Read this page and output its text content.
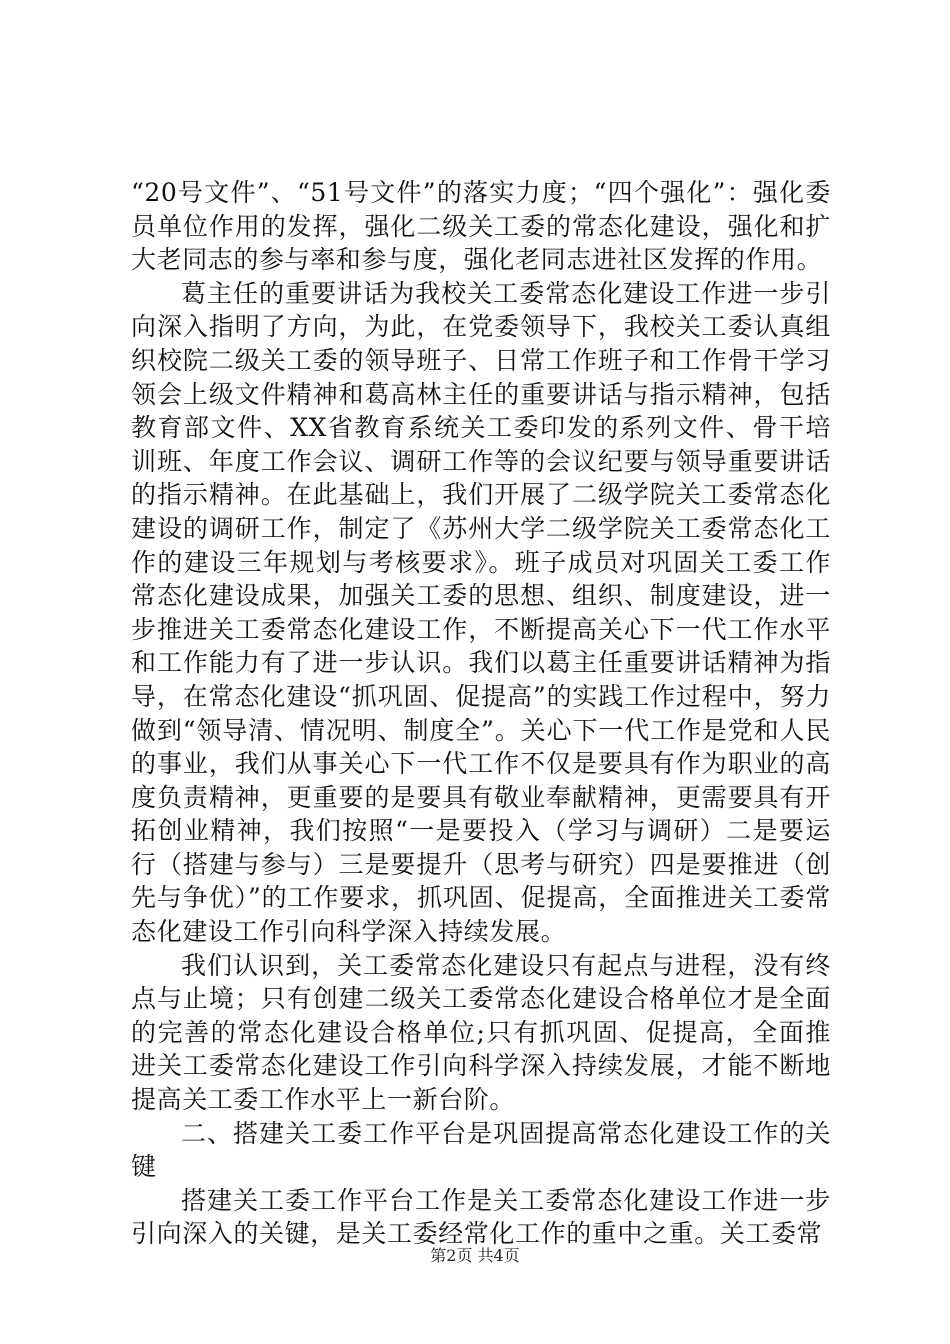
“20号文件”、“51号文件”的落实力度；“四个强化”：强化委员单位作用的发挥，强化二级关工委的常态化建设，强化和扩大老同志的参与率和参与度，强化老同志进社区发挥的作用。

葛主任的重要讲话为我校关工委常态化建设工作进一步引向深入指明了方向，为此，在党委领导下，我校关工委认真组织校院二级关工委的领导班子、日常工作班子和工作骨干学习领会上级文件精神和葛高林主任的重要讲话与指示精神，包括教育部文件、XX省教育系统关工委印发的系列文件、骨干培训班、年度工作会议、调研工作等的会议纪要与领导重要讲话的指示精神。在此基础上，我们开展了二级学院关工委常态化建设的调研工作，制定了《苏州大学二级学院关工委常态化工作的建设三年规划与考核要求》。班子成员对巩固关工委工作常态化建设成果，加强关工委的思想、组织、制度建设，进一步推进关工委常态化建设工作，不断提高关心下一代工作水平和工作能力有了进一步认识。我们以葛主任重要讲话精神为指导，在常态化建设“抓巩固、促提高”的实践工作过程中，努力做到“领导清、情况明、制度全”。关心下一代工作是党和人民的事业，我们从事关心下一代工作不仅是要具有作为职业的高度负责精神，更重要的是要具有敬业奉献精神，更需要具有开拓创业精神，我们按照“一是要投入（学习与调研）二是要运行（搭建与参与）三是要提升（思考与研究）四是要推进（创先与争优）”的工作要求，抓巩固、促提高，全面推进关工委常态化建设工作引向科学深入持续发展。

我们认识到，关工委常态化建设只有起点与进程，没有终点与止境；只有创建二级关工委常态化建设合格单位才是全面的完善的常态化建设合格单位;只有抓巩固、促提高，全面推进关工委常态化建设工作引向科学深入持续发展，才能不断地提高关工委工作水平上一新台阶。

二、搭建关工委工作平台是巩固提高常态化建设工作的关键

搭建关工委工作平台工作是关工委常态化建设工作进一步引向深入的关键，是关工委经常化工作的重中之重。关工委常

第2页 共4页
